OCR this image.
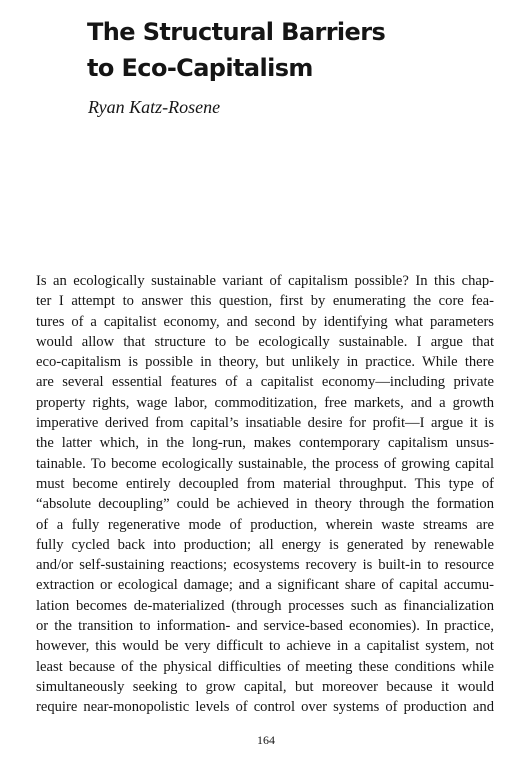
The Structural Barriers
to Eco-Capitalism

Ryan Katz-Rosene

Is an ecologically sustainable variant of capitalism possible? In this chap-
ter I attempt to answer this question, first by enumerating the core fea-
tures of a capitalist economy, and second by identifying what parameters
would allow that structure to be ecologically sustainable. I argue that
eco-capitalism is possible in theory, but unlikely in practice. While there
are several essential features of a capitalist economy—including private
property rights, wage labor, commoditization, free markets, and a growth
imperative derived from capital’s insatiable desire for profit—I argue it is
the latter which, in the long-run, makes contemporary capitalism unsus-
tainable. To become ecologically sustainable, the process of growing capital
must become entirely decoupled from material throughput. This type of
“absolute decoupling” could be achieved in theory through the formation
of a fully regenerative mode of production, wherein waste streams are
fully cycled back into production; all energy is generated by renewable
and/or self-sustaining reactions; ecosystems recovery is built-in to resource
extraction or ecological damage; and a significant share of capital accumu-
lation becomes de-materialized (through processes such as financialization
or the transition to information- and service-based economies). In practice,
however, this would be very difficult to achieve in a capitalist system, not
least because of the physical difficulties of meeting these conditions while
simultaneously seeking to grow capital, but moreover because it would
require near-monopolistic levels of control over systems of production and

164
